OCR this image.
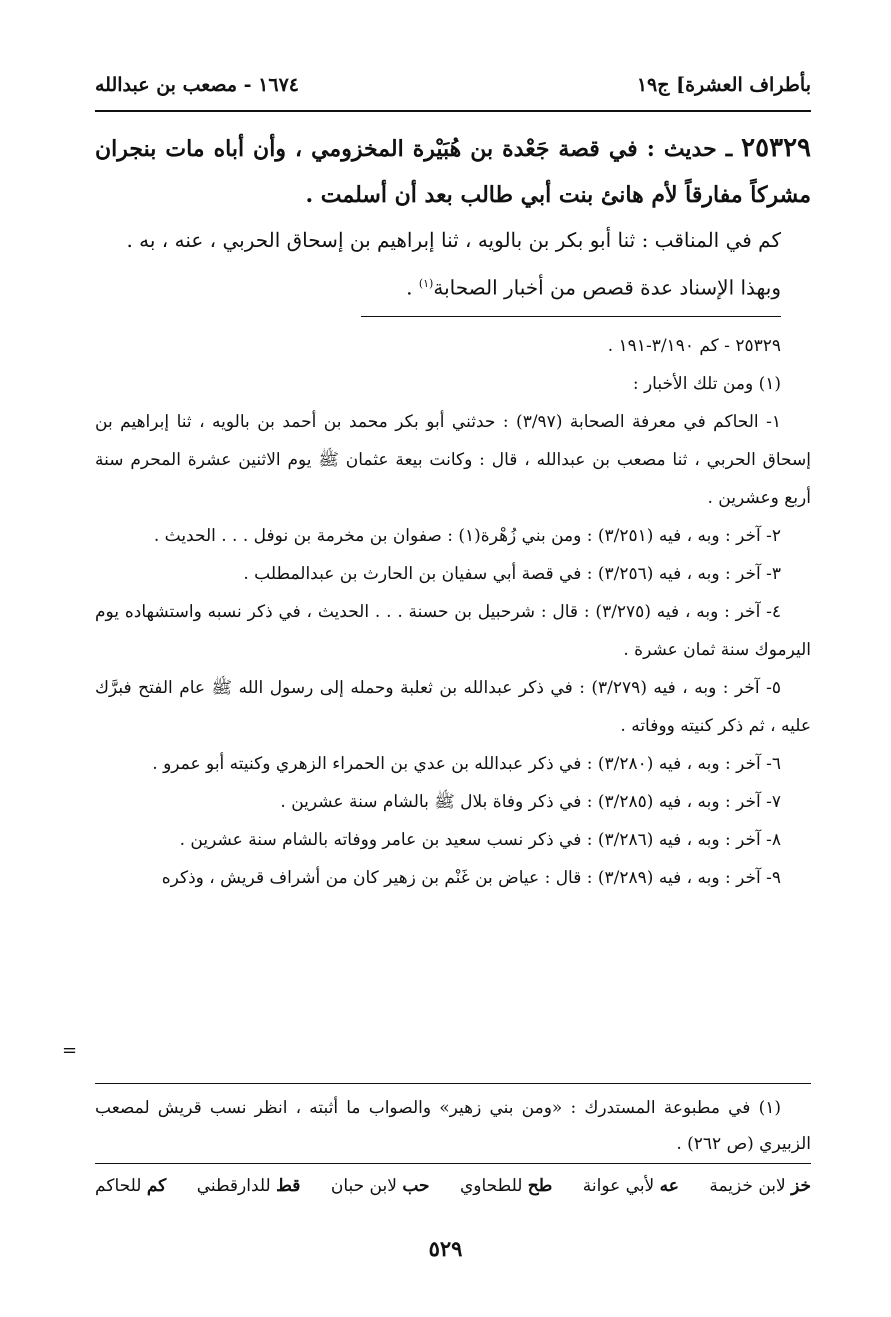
بأطراف العشرة] ج١٩
١٦٧٤ - مصعب بن عبدالله

٢٥٣٢٩ ـ حديث : في قصة جَعْدة بن هُبَيْرة المخزومي ، وأن أباه مات بنجران مشركاً مفارقاً لأم هانئ بنت أبي طالب بعد أن أسلمت .

كم في المناقب : ثنا أبو بكر بن بالويه ، ثنا إبراهيم بن إسحاق الحربي ، عنه ، به .

وبهذا الإسناد عدة قصص من أخبار الصحابة$^{(١)}$ .

٢٥٣٢٩ - كم ٣/١٩٠-١٩١ .

(١) ومن تلك الأخبار :

١- الحاكم في معرفة الصحابة (٣/٩٧) : حدثني أبو بكر محمد بن أحمد بن بالويه ، ثنا إبراهيم بن إسحاق الحربي ، ثنا مصعب بن عبدالله ، قال : وكانت بيعة عثمان ﷺ يوم الاثنين عشرة المحرم سنة أربع وعشرين .

٢- آخر : وبه ، فيه (٣/٢٥١) : ومن بني زُهْرة(١) : صفوان بن مخرمة بن نوفل . . . الحديث .

٣- آخر : وبه ، فيه (٣/٢٥٦) : في قصة أبي سفيان بن الحارث بن عبدالمطلب .

٤- آخر : وبه ، فيه (٣/٢٧٥) : قال : شرحبيل بن حسنة . . . الحديث ، في ذكر نسبه واستشهاده يوم اليرموك سنة ثمان عشرة .

٥- آخر : وبه ، فيه (٣/٢٧٩) : في ذكر عبدالله بن ثعلبة وحمله إلى رسول الله ﷺ عام الفتح فبرَّك عليه ، ثم ذكر كنيته ووفاته .

٦- آخر : وبه ، فيه (٣/٢٨٠) : في ذكر عبدالله بن عدي بن الحمراء الزهري وكنيته أبو عمرو .

٧- آخر : وبه ، فيه (٣/٢٨٥) : في ذكر وفاة بلال ﷺ بالشام سنة عشرين .

٨- آخر : وبه ، فيه (٣/٢٨٦) : في ذكر نسب سعيد بن عامر ووفاته بالشام سنة عشرين .

٩- آخر : وبه ، فيه (٣/٢٨٩) : قال : عياض بن غَنْم بن زهير كان من أشراف قريش ، وذكره

=

(١) في مطبوعة المستدرك : «ومن بني زهير» والصواب ما أثبته ، انظر نسب قريش لمصعب الزبيري (ص ٢٦٢) .

خز لابن خزيمة
عه لأبي عوانة
طح للطحاوي
حب لابن حبان
قط للدارقطني
كم للحاكم
٥٢٩
